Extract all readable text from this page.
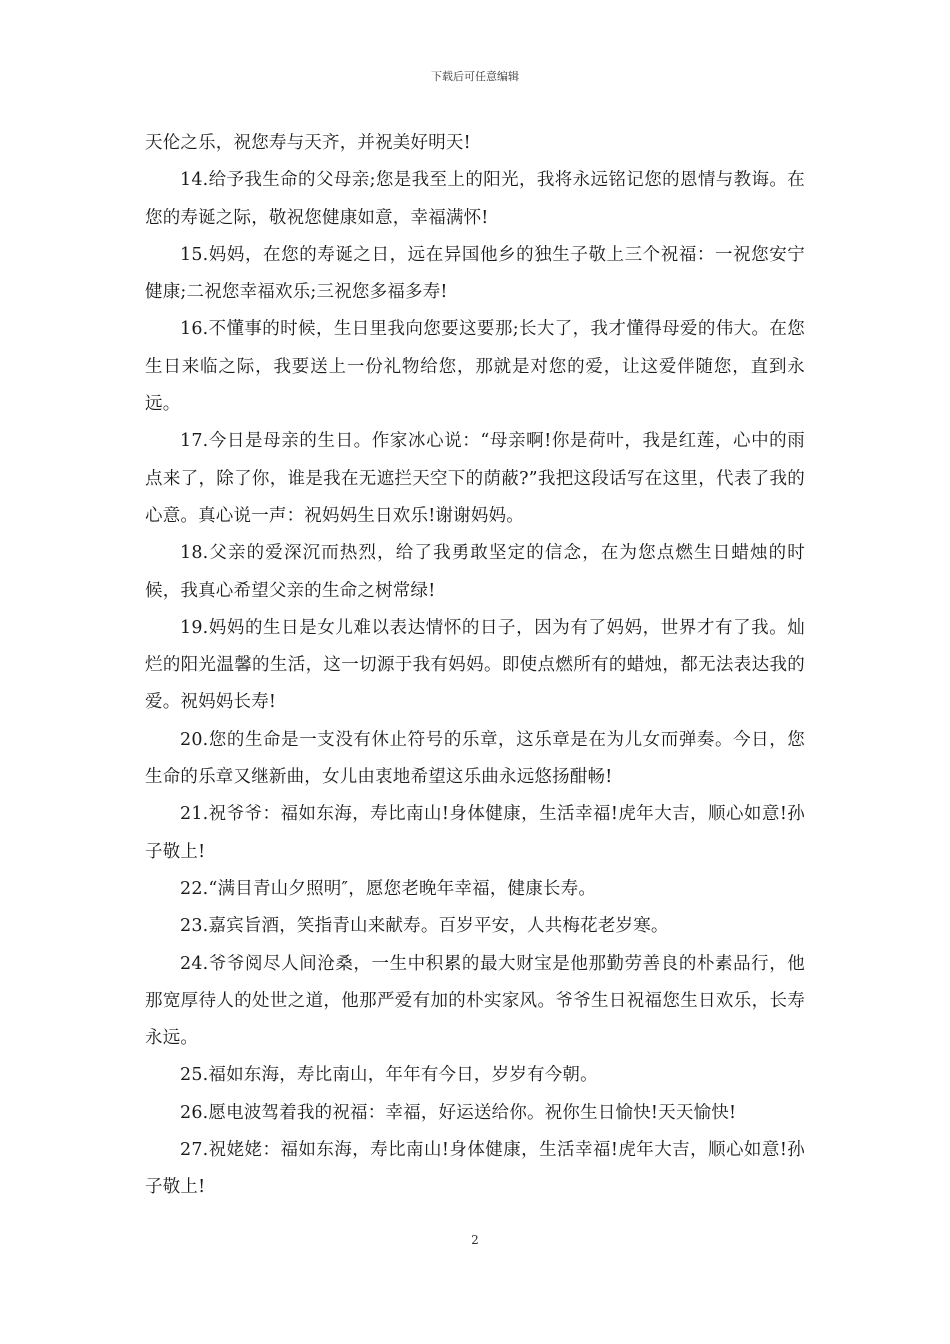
下载后可任意编辑

天伦之乐，祝您寿与天齐，并祝美好明天!

14.给予我生命的父母亲;您是我至上的阳光，我将永远铭记您的恩情与教诲。在您的寿诞之际，敬祝您健康如意，幸福满怀!

15.妈妈，在您的寿诞之日，远在异国他乡的独生子敬上三个祝福：一祝您安宁健康;二祝您幸福欢乐;三祝您多福多寿!

16.不懂事的时候，生日里我向您要这要那;长大了，我才懂得母爱的伟大。在您生日来临之际，我要送上一份礼物给您，那就是对您的爱，让这爱伴随您，直到永远。

17.今日是母亲的生日。作家冰心说：“母亲啊!你是荷叶，我是红莲，心中的雨点来了，除了你，谁是我在无遮拦天空下的荫蔽?”我把这段话写在这里，代表了我的心意。真心说一声：祝妈妈生日欢乐!谢谢妈妈。

18.父亲的爱深沉而热烈，给了我勇敢坚定的信念，在为您点燃生日蜡烛的时候，我真心希望父亲的生命之树常绿!

19.妈妈的生日是女儿难以表达情怀的日子，因为有了妈妈，世界才有了我。灿烂的阳光温馨的生活，这一切源于我有妈妈。即使点燃所有的蜡烛，都无法表达我的爱。祝妈妈长寿!

20.您的生命是一支没有休止符号的乐章，这乐章是在为儿女而弹奏。今日，您生命的乐章又继新曲，女儿由衷地希望这乐曲永远悠扬酣畅!

21.祝爷爷：福如东海，寿比南山!身体健康，生活幸福!虎年大吉，顺心如意!孙子敬上!

22.“满目青山夕照明″，愿您老晚年幸福，健康长寿。

23.嘉宾旨酒，笑指青山来献寿。百岁平安，人共梅花老岁寒。

24.爷爷阅尽人间沧桑，一生中积累的最大财宝是他那勤劳善良的朴素品行，他那宽厚待人的处世之道，他那严爱有加的朴实家风。爷爷生日祝福您生日欢乐，长寿永远。

25.福如东海，寿比南山，年年有今日，岁岁有今朝。

26.愿电波驾着我的祝福：幸福，好运送给你。祝你生日愉快!天天愉快!

27.祝姥姥：福如东海，寿比南山!身体健康，生活幸福!虎年大吉，顺心如意!孙子敬上!

2
